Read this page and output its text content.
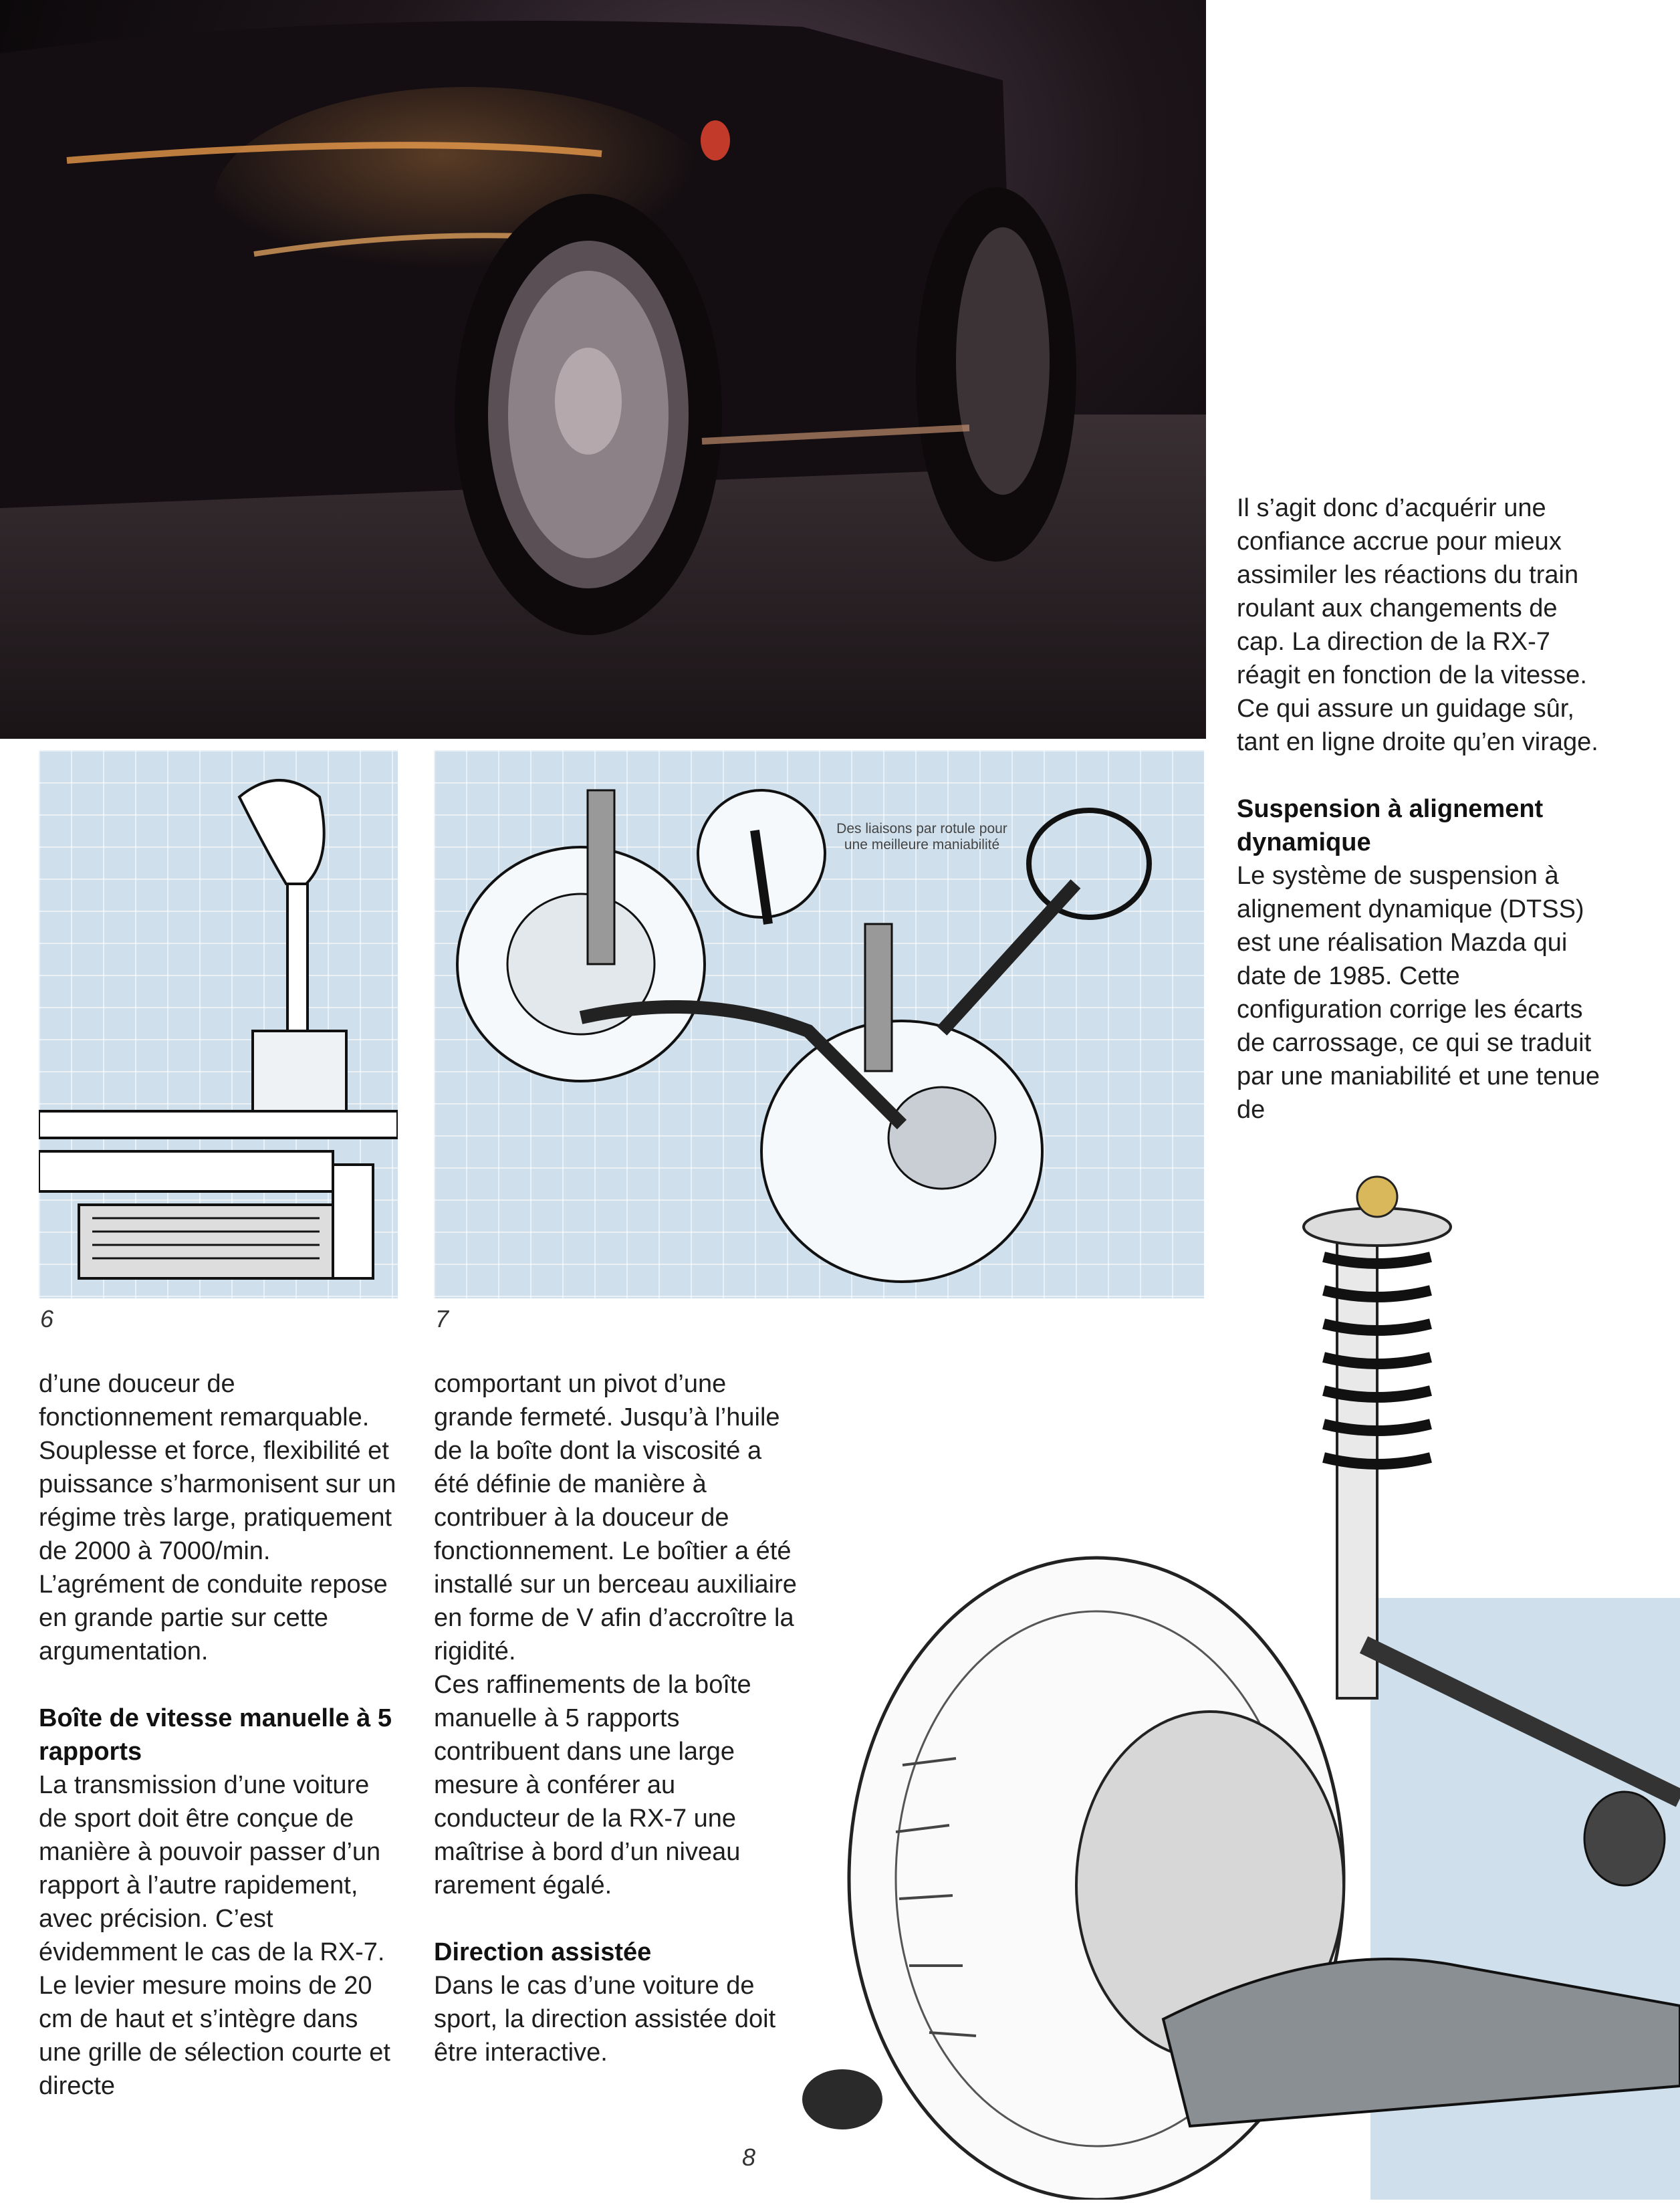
6
Des liaisons par rotule pour une meilleure maniabilité
7

Il s’agit donc d’acquérir une confiance accrue pour mieux assimiler les réactions du train roulant aux changements de cap. La direction de la RX-7 réagit en fonction de la vitesse. Ce qui assure un guidage sûr, tant en ligne droite qu’en virage.

Suspension à alignement dynamique

Le système de suspension à alignement dynamique (DTSS) est une réalisation Mazda qui date de 1985. Cette configuration corrige les écarts de carrossage, ce qui se traduit par une maniabilité et une tenue de

d’une douceur de fonctionnement remarquable. Souplesse et force, flexibilité et puissance s’harmonisent sur un régime très large, pratiquement de 2000 à 7000/min. L’agrément de conduite repose en grande partie sur cette argumentation.

Boîte de vitesse manuelle à 5 rapports

La transmission d’une voiture de sport doit être conçue de manière à pouvoir passer d’un rapport à l’autre rapidement, avec précision. C’est évidemment le cas de la RX-7. Le levier mesure moins de 20 cm de haut et s’intègre dans une grille de sélection courte et directe

comportant un pivot d’une grande fermeté. Jusqu’à l’huile de la boîte dont la viscosité a été définie de manière à contribuer à la douceur de fonctionnement. Le boîtier a été installé sur un berceau auxiliaire en forme de V afin d’accroître la rigidité.

Ces raffinements de la boîte manuelle à 5 rapports contribuent dans une large mesure à conférer au conducteur de la RX-7 une maîtrise à bord d’un niveau rarement égalé.

Direction assistée

Dans le cas d’une voiture de sport, la direction assistée doit être interactive.

8
